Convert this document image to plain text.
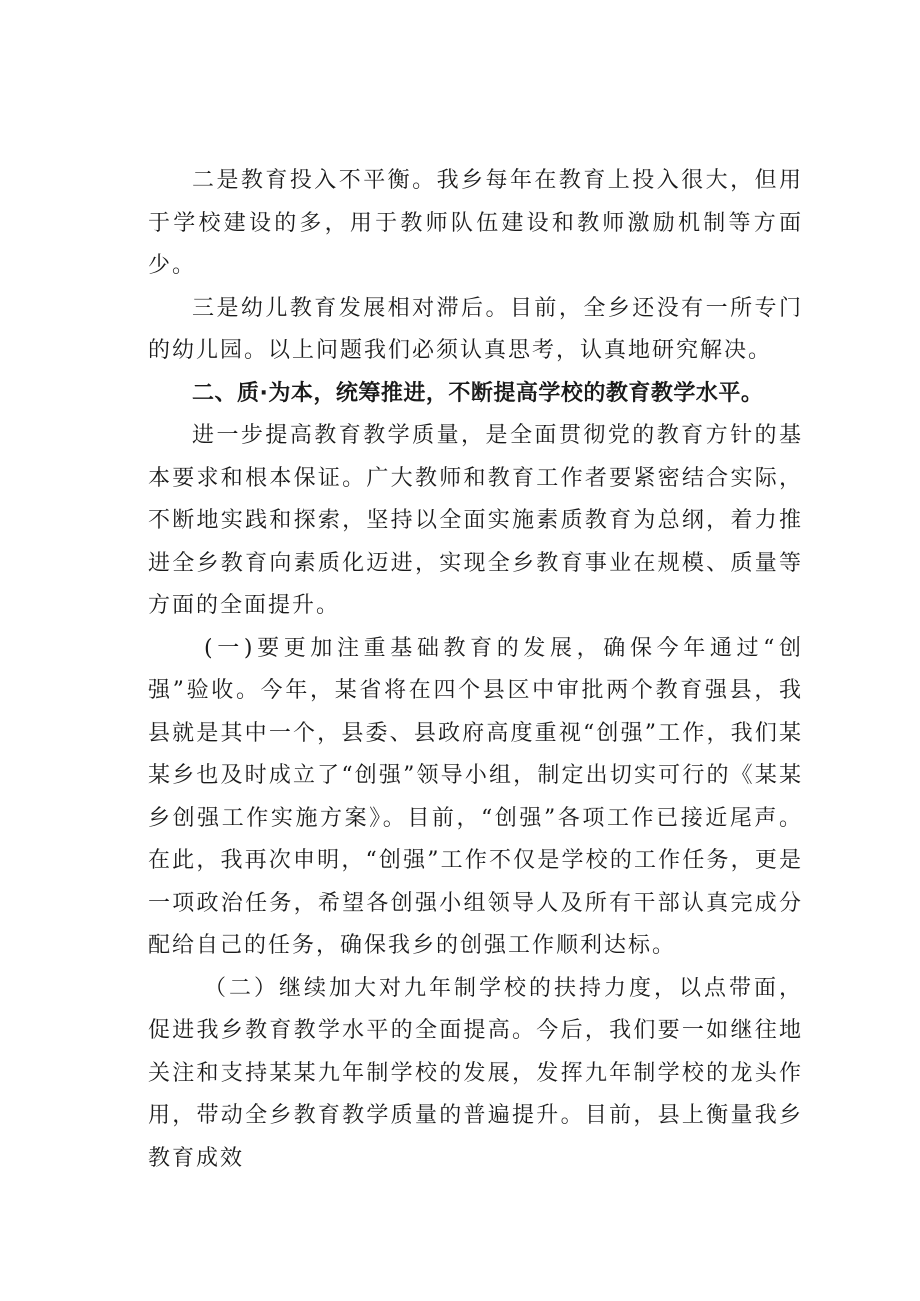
二是教育投入不平衡。我乡每年在教育上投入很大，但用于学校建设的多，用于教师队伍建设和教师激励机制等方面少。

三是幼儿教育发展相对滞后。目前，全乡还没有一所专门的幼儿园。以上问题我们必须认真思考，认真地研究解决。

二、质·为本，统筹推进，不断提高学校的教育教学水平。

进一步提高教育教学质量，是全面贯彻党的教育方针的基本要求和根本保证。广大教师和教育工作者要紧密结合实际，不断地实践和探索，坚持以全面实施素质教育为总纲，着力推进全乡教育向素质化迈进，实现全乡教育事业在规模、质量等方面的全面提升。

(一)要更加注重基础教育的发展，确保今年通过“创强”验收。今年，某省将在四个县区中审批两个教育强县，我县就是其中一个，县委、县政府高度重视“创强”工作，我们某某乡也及时成立了“创强”领导小组，制定出切实可行的《某某乡创强工作实施方案》。目前，“创强”各项工作已接近尾声。在此，我再次申明，“创强”工作不仅是学校的工作任务，更是一项政治任务，希望各创强小组领导人及所有干部认真完成分配给自己的任务，确保我乡的创强工作顺利达标。

（二）继续加大对九年制学校的扶持力度，以点带面，促进我乡教育教学水平的全面提高。今后，我们要一如继往地关注和支持某某九年制学校的发展，发挥九年制学校的龙头作用，带动全乡教育教学质量的普遍提升。目前，县上衡量我乡教育成效
